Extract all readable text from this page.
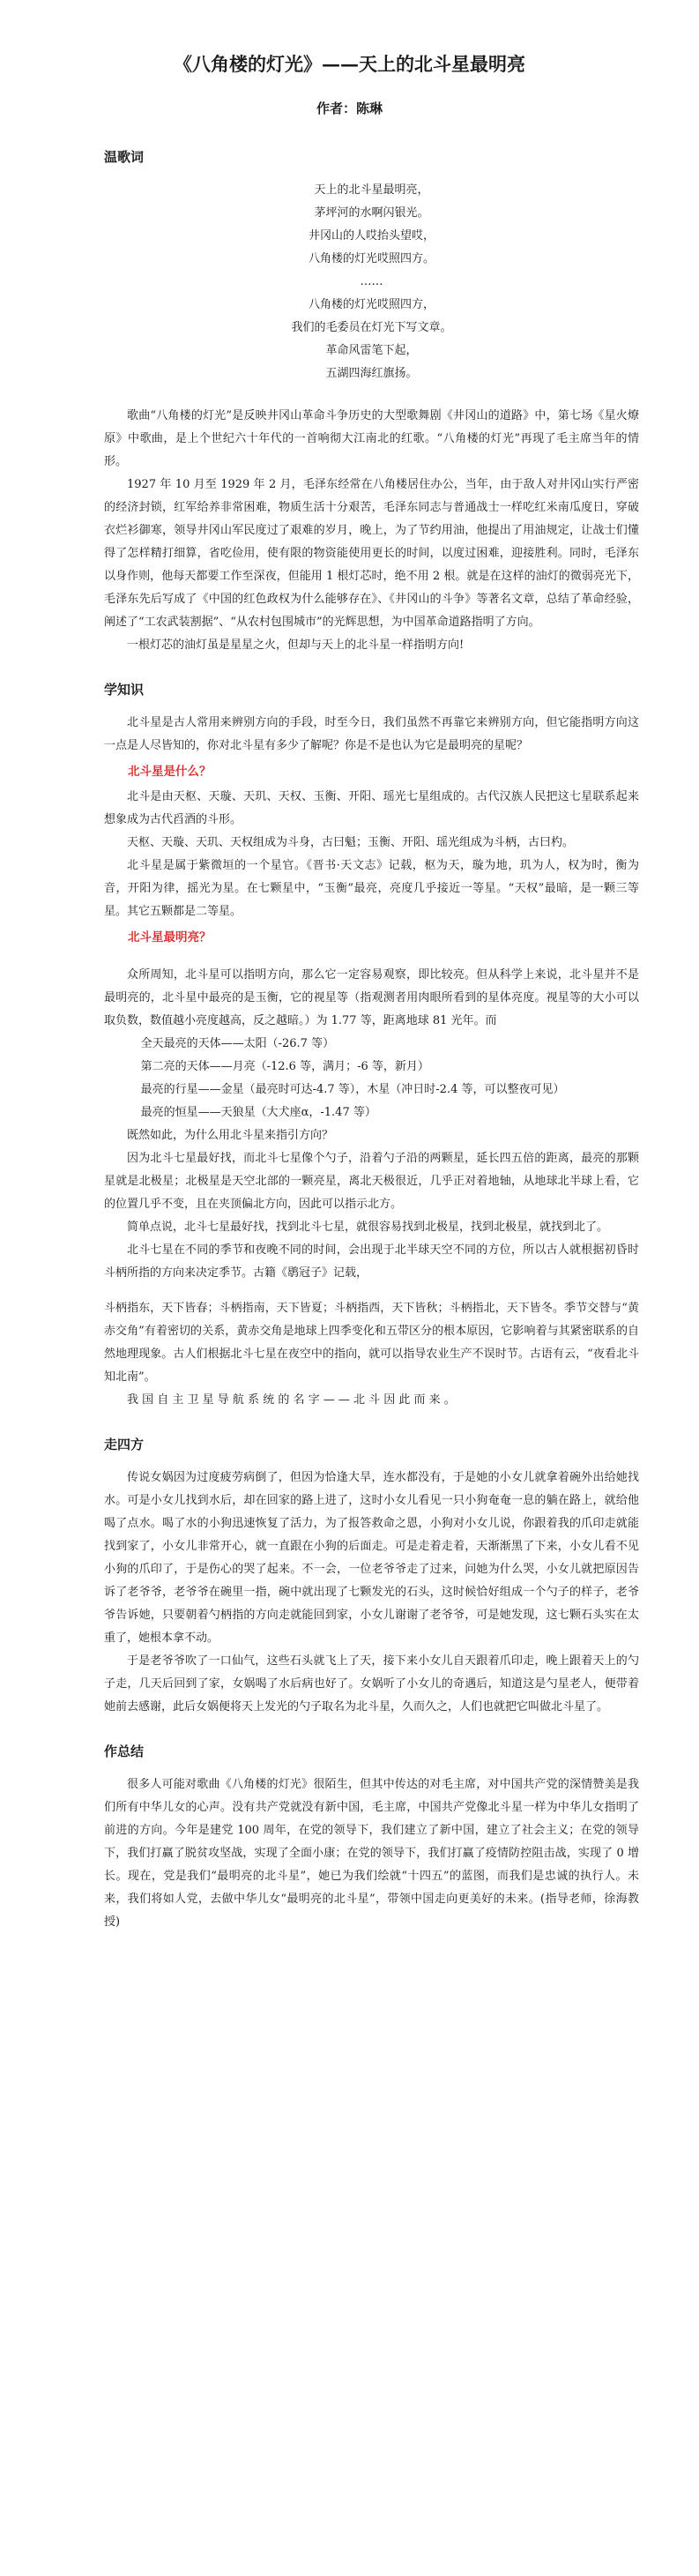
《八角楼的灯光》——天上的北斗星最明亮
作者：陈琳
温歌词
天上的北斗星最明亮，
茅坪河的水啊闪银光。
井冈山的人哎抬头望哎，
八角楼的灯光哎照四方。
……
八角楼的灯光哎照四方，
我们的毛委员在灯光下写文章。
革命风雷笔下起，
五湖四海红旗扬。

歌曲“八角楼的灯光”是反映井冈山革命斗争历史的大型歌舞剧《井冈山的道路》中，第七场《星火燎原》中歌曲，是上个世纪六十年代的一首响彻大江南北的红歌。“八角楼的灯光”再现了毛主席当年的情形。

1927 年 10 月至 1929 年 2 月，毛泽东经常在八角楼居住办公，当年，由于敌人对井冈山实行严密的经济封锁，红军给养非常困难，物质生活十分艰苦，毛泽东同志与普通战士一样吃红米南瓜度日，穿破衣烂衫御寒，领导井冈山军民度过了艰难的岁月，晚上，为了节约用油，他提出了用油规定，让战士们懂得了怎样精打细算，省吃俭用，使有限的物资能使用更长的时间，以度过困难，迎接胜利。同时，毛泽东以身作则，他每天都要工作至深夜，但能用 1 根灯芯时，绝不用 2 根。就是在这样的油灯的微弱亮光下，毛泽东先后写成了《中国的红色政权为什么能够存在》、《井冈山的斗争》等著名文章，总结了革命经验，阐述了“工农武装割据”、“从农村包围城市”的光辉思想，为中国革命道路指明了方向。

一根灯芯的油灯虽是星星之火，但却与天上的北斗星一样指明方向!

学知识

北斗星是古人常用来辨别方向的手段，时至今日，我们虽然不再靠它来辨别方向，但它能指明方向这一点是人尽皆知的，你对北斗星有多少了解呢？你是不是也认为它是最明亮的星呢？

北斗星是什么？

北斗是由天枢、天璇、天玑、天权、玉衡、开阳、瑶光七星组成的。古代汉族人民把这七星联系起来想象成为古代舀酒的斗形。

天枢、天璇、天玑、天权组成为斗身，古曰魁；玉衡、开阳、瑶光组成为斗柄，古曰杓。

北斗星是属于紫微垣的一个星官。《晋书·天文志》记载，枢为天，璇为地，玑为人，权为时，衡为音，开阳为律，摇光为星。在七颗星中，“玉衡”最亮，亮度几乎接近一等星。“天权”最暗，是一颗三等星。其它五颗都是二等星。

北斗星最明亮？

众所周知，北斗星可以指明方向，那么它一定容易观察，即比较亮。但从科学上来说，北斗星并不是最明亮的，北斗星中最亮的是玉衡，它的视星等（指观测者用肉眼所看到的星体亮度。视星等的大小可以取负数，数值越小亮度越高，反之越暗。）为 1.77 等，距离地球 81 光年。而

全天最亮的天体——太阳（-26.7 等）
第二亮的天体——月亮（-12.6 等，满月；-6 等，新月）
最亮的行星——金星（最亮时可达-4.7 等），木星（冲日时-2.4 等，可以整夜可见）
最亮的恒星——天狼星（大犬座α，-1.47 等）

既然如此，为什么用北斗星来指引方向？

因为北斗七星最好找，而北斗七星像个勺子，沿着勺子沿的两颗星，延长四五倍的距离，最亮的那颗星就是北极星；北极星是天空北部的一颗亮星，离北天极很近，几乎正对着地轴，从地球北半球上看，它的位置几乎不变，且在夹顶偏北方向，因此可以指示北方。

简单点说，北斗七星最好找，找到北斗七星，就很容易找到北极星，找到北极星，就找到北了。

北斗七星在不同的季节和夜晚不同的时间，会出现于北半球天空不同的方位，所以古人就根据初昏时斗柄所指的方向来决定季节。古籍《鹖冠子》记载，

斗柄指东，天下皆春；斗柄指南，天下皆夏；斗柄指西，天下皆秋；斗柄指北，天下皆冬。季节交替与“黄赤交角”有着密切的关系，黄赤交角是地球上四季变化和五带区分的根本原因，它影响着与其紧密联系的自然地理现象。古人们根据北斗七星在夜空中的指向，就可以指导农业生产不误时节。古语有云，“夜看北斗知北南”。

我 国 自 主 卫 星 导 航 系 统 的 名 字 — — 北 斗 因 此 而 来 。

走四方

传说女娲因为过度疲劳病倒了，但因为恰逢大旱，连水都没有，于是她的小女儿就拿着碗外出给她找水。可是小女儿找到水后，却在回家的路上进了，这时小女儿看见一只小狗奄奄一息的躺在路上，就给他喝了点水。喝了水的小狗迅速恢复了活力，为了报答救命之恩，小狗对小女儿说，你跟着我的爪印走就能找到家了，小女儿非常开心，就一直跟在小狗的后面走。可是走着走着，天渐渐黑了下来，小女儿看不见小狗的爪印了，于是伤心的哭了起来。不一会，一位老爷爷走了过来，问她为什么哭，小女儿就把原因告诉了老爷爷，老爷爷在碗里一指，碗中就出现了七颗发光的石头，这时候恰好组成一个勺子的样子，老爷爷告诉她，只要朝着勺柄指的方向走就能回到家，小女儿谢谢了老爷爷，可是她发现，这七颗石头实在太重了，她根本拿不动。

于是老爷爷吹了一口仙气，这些石头就飞上了天，接下来小女儿自天跟着爪印走，晚上跟着天上的勺子走，几天后回到了家，女娲喝了水后病也好了。女娲听了小女儿的奇遇后，知道这是勺星老人，便带着她前去感谢，此后女娲便将天上发光的勺子取名为北斗星，久而久之，人们也就把它叫做北斗星了。

作总结

很多人可能对歌曲《八角楼的灯光》很陌生，但其中传达的对毛主席，对中国共产党的深情赞美是我们所有中华儿女的心声。没有共产党就没有新中国，毛主席，中国共产党像北斗星一样为中华儿女指明了前进的方向。今年是建党 100 周年，在党的领导下，我们建立了新中国，建立了社会主义；在党的领导下，我们打赢了脱贫攻坚战，实现了全面小康；在党的领导下，我们打赢了疫情防控阻击战，实现了 0 增长。现在，党是我们“最明亮的北斗星”，她已为我们绘就“十四五”的蓝图，而我们是忠诚的执行人。未来，我们将如人党，去做中华儿女“最明亮的北斗星”，带领中国走向更美好的未来。(指导老师，徐海教授)
